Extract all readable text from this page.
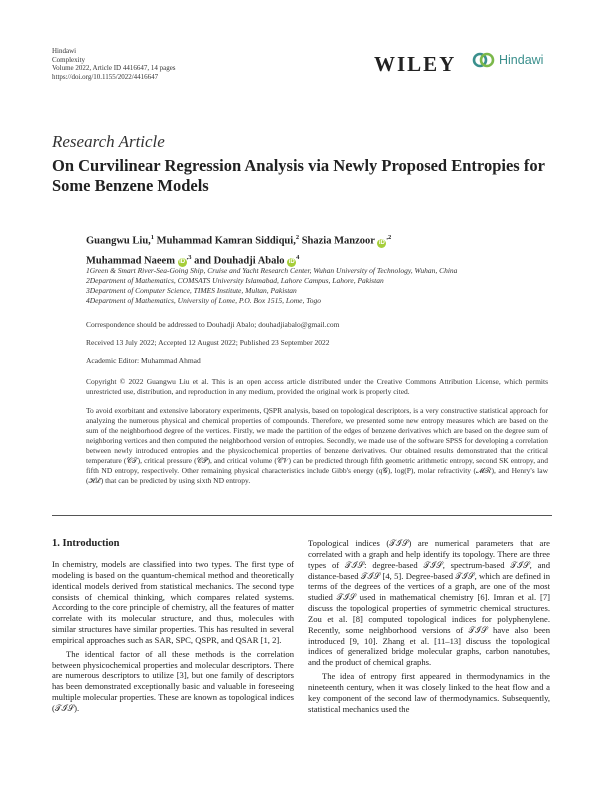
Hindawi
Complexity
Volume 2022, Article ID 4416647, 14 pages
https://doi.org/10.1155/2022/4416647
WILEY	Hindawi
Research Article
On Curvilinear Regression Analysis via Newly Proposed Entropies for Some Benzene Models
Guangwu Liu,$^1$ Muhammad Kamran Siddiqui,$^2$ Shazia Manzoor $iD^{,2}$
Muhammad Naeem $iD^{,3}$ and Douhadji Abalo $iD^4$
1Green & Smart River-Sea-Going Ship, Cruise and Yacht Research Center, Wuhan University of Technology, Wuhan, China
2Department of Mathematics, COMSATS University Islamabad, Lahore Campus, Lahore, Pakistan
3Department of Computer Science, TIMES Institute, Multan, Pakistan
4Department of Mathematics, University of Lome, P.O. Box 1515, Lome, Togo
Correspondence should be addressed to Douhadji Abalo; douhadjiabalo@gmail.com
Received 13 July 2022; Accepted 12 August 2022; Published 23 September 2022
Academic Editor: Muhammad Ahmad
Copyright © 2022 Guangwu Liu et al. This is an open access article distributed under the Creative Commons Attribution License, which permits unrestricted use, distribution, and reproduction in any medium, provided the original work is properly cited.
To avoid exorbitant and extensive laboratory experiments, QSPR analysis, based on topological descriptors, is a very constructive statistical approach for analyzing the numerous physical and chemical properties of compounds. Therefore, we presented some new entropy measures which are based on the sum of the neighborhood degree of the vertices. Firstly, we made the partition of the edges of benzene derivatives which are based on the degree sum of neighboring vertices and then computed the neighborhood version of entropies. Secondly, we made use of the software SPSS for developing a correlation between newly introduced entropies and the physicochemical properties of benzene derivatives. Our obtained results demonstrated that the critical temperature (𝒞𝒯), critical pressure (𝒞𝒫), and critical volume (𝒞𝒱) can be predicted through fifth geometric arithmetic entropy, second SK entropy, and fifth ND entropy, respectively. Other remaining physical characteristics include Gibb's energy (q𝒢), log(P), molar refractivity (𝓜ℛ), and Henry's law (ℋℒ) that can be predicted by using sixth ND entropy.
1. Introduction

In chemistry, models are classified into two types. The first type of modeling is based on the quantum-chemical method and theoretically identical models derived from statistical mechanics. The second type consists of chemical thinking, which compares related systems. According to the core principle of chemistry, all the features of matter correlate with its molecular structure, and thus, molecules with similar structures have similar properties. This has resulted in several empirical approaches such as SAR, SPC, QSPR, and QSAR [1, 2].

The identical factor of all these methods is the correlation between physicochemical properties and molecular descriptors. There are numerous descriptors to utilize [3], but one family of descriptors has been demonstrated exceptionally basic and valuable in foreseeing multiple molecular properties. These are known as topological indices (𝒯ℐ𝒮).

Topological indices (𝒯ℐ𝒮) are numerical parameters that are correlated with a graph and help identify its topology. There are three types of 𝒯ℐ𝒮: degree-based 𝒯ℐ𝒮, spectrum-based 𝒯ℐ𝒮, and distance-based 𝒯ℐ𝒮 [4, 5]. Degree-based 𝒯ℐ𝒮, which are defined in terms of the degrees of the vertices of a graph, are one of the most studied 𝒯ℐ𝒮 used in mathematical chemistry [6]. Imran et al. [7] discuss the topological properties of symmetric chemical structures. Zou et al. [8] computed topological indices for polyphenylene. Recently, some neighborhood versions of 𝒯ℐ𝒮 have also been introduced [9, 10]. Zhang et al. [11–13] discuss the topological indices of generalized bridge molecular graphs, carbon nanotubes, and the product of chemical graphs.

The idea of entropy first appeared in thermodynamics in the nineteenth century, when it was closely linked to the heat flow and a key component of the second law of thermodynamics. Subsequently, statistical mechanics used the
